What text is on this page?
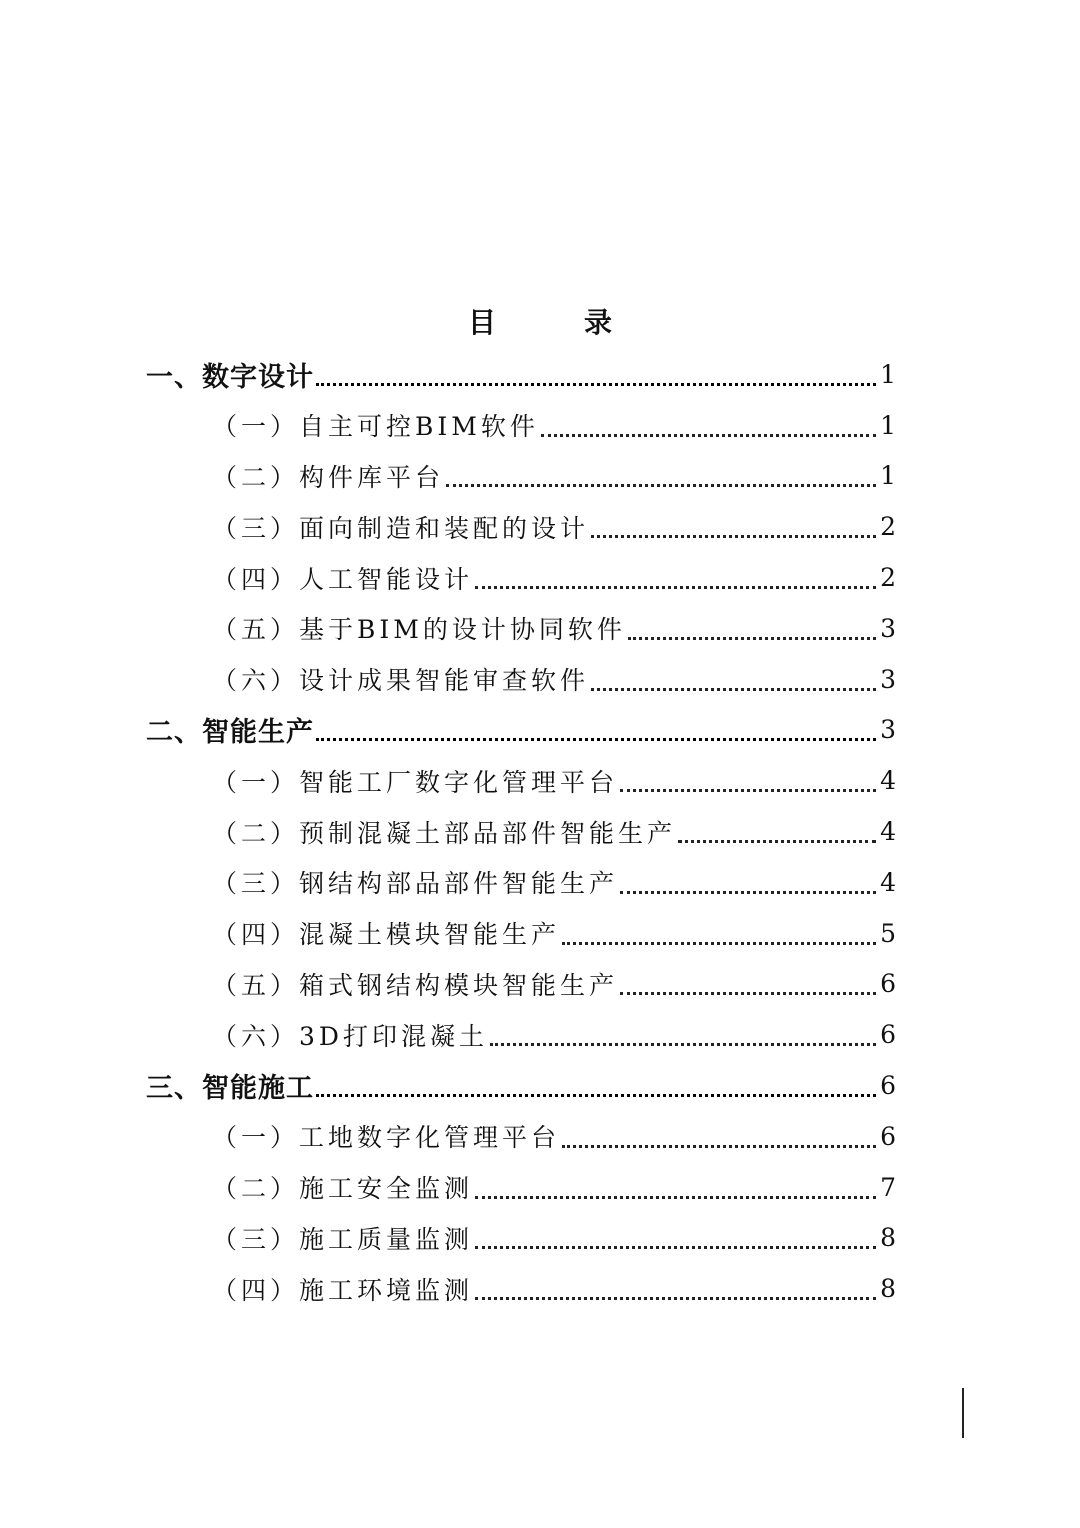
目　录
一、数字设计	1
（一）自主可控BIM软件	1
（二）构件库平台	1
（三）面向制造和装配的设计	2
（四）人工智能设计	2
（五）基于BIM的设计协同软件	3
（六）设计成果智能审查软件	3
二、智能生产	3
（一）智能工厂数字化管理平台	4
（二）预制混凝土部品部件智能生产	4
（三）钢结构部品部件智能生产	4
（四）混凝土模块智能生产	5
（五）箱式钢结构模块智能生产	6
（六）3D打印混凝土	6
三、智能施工	6
（一）工地数字化管理平台	6
（二）施工安全监测	7
（三）施工质量监测	8
（四）施工环境监测	8
